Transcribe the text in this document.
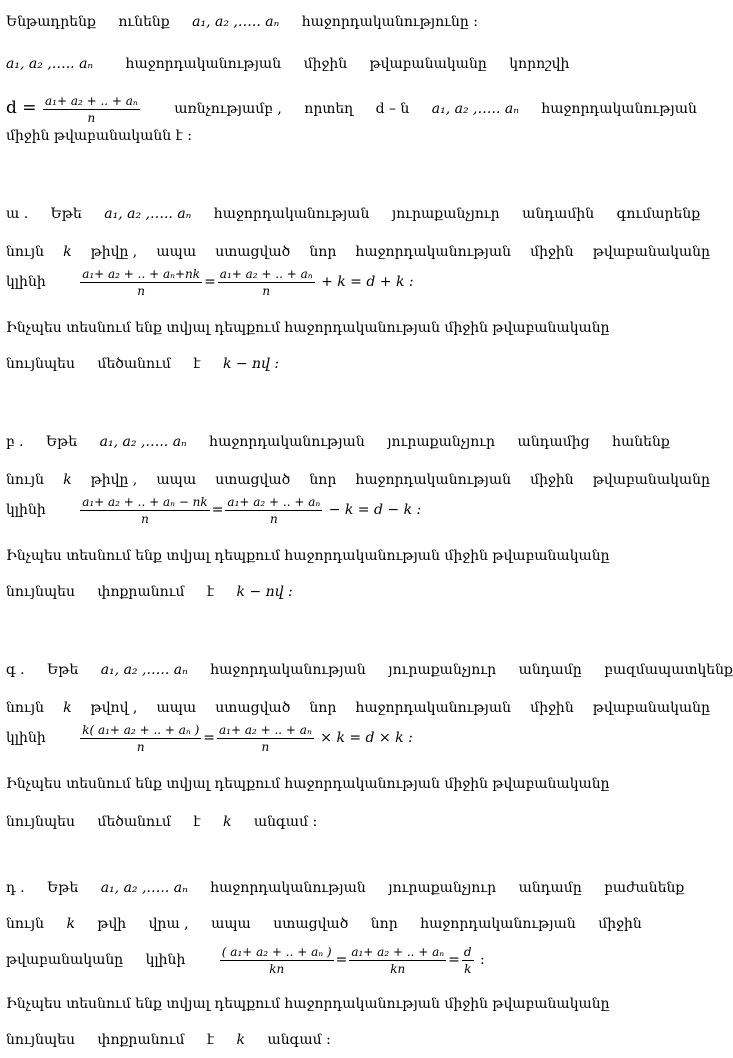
Ենթադրենք ունենք a₁, a₂ ,….. aₙ հաջորդականությունը :
a₁, a₂ ,….. aₙ հաջորդականության միջին թվաբանականը կորոշվի
$d = \frac{\text{a₁+ a₂ + .. + aₙ}}{n}$ առնչությամբ , որտեղ d – ն a₁, a₂ ,….. aₙ հաջորդականության
միջին թվաբանականն է :
ա . Եթե a₁, a₂ ,….. aₙ հաջորդականության յուրաքանչյուր անդամին գումարենք
նույն k թիվը , ապա ստացված նոր հաջորդականության միջին թվաբանականը
կլինի	$\frac{\text{a₁+ a₂ + .. + aₙ+nk}}{n} = \frac{\text{a₁+ a₂ + .. + aₙ}}{n} + k = d + k$ :
Ինչպես տեսնում ենք տվյալ դեպքում հաջորդականության միջին թվաբանականը
նույնպես մեծանում է k − ով :
բ . Եթե a₁, a₂ ,….. aₙ հաջորդականության յուրաքանչյուր անդամից հանենք
նույն k թիվը , ապա ստացված նոր հաջորդականության միջին թվաբանականը
կլինի	$\frac{\text{a₁+ a₂ + .. + aₙ − nk}}{n} = \frac{\text{a₁+ a₂ + .. + aₙ}}{n} - k = d - k$ :
Ինչպես տեսնում ենք տվյալ դեպքում հաջորդականության միջին թվաբանականը
նույնպես փոքրանում է k − ով :
գ . Եթե a₁, a₂ ,….. aₙ հաջորդականության յուրաքանչյուր անդամը բազմապատկենք
նույն k թվով , ապա ստացված նոր հաջորդականության միջին թվաբանականը
կլինի	$\frac{\text{k( a₁+ a₂ + .. + aₙ )}}{n} = \frac{\text{a₁+ a₂ + .. + aₙ}}{n} \times k = d \times k$ :
Ինչպես տեսնում ենք տվյալ դեպքում հաջորդականության միջին թվաբանականը
նույնպես մեծանում է k անգամ :
դ . Եթե a₁, a₂ ,….. aₙ հաջորդականության յուրաքանչյուր անդամը բաժանենք
նույն k թվի վրա , ապա ստացված նոր հաջորդականության միջին
թվաբանականը կլինի	$\frac{\text{( a₁+ a₂ + .. + aₙ )}}{kn} = \frac{\text{a₁+ a₂ + .. + aₙ}}{kn} = \frac{d}{k}$ :
Ինչպես տեսնում ենք տվյալ դեպքում հաջորդականության միջին թվաբանականը
նույնպես փոքրանում է k անգամ :
